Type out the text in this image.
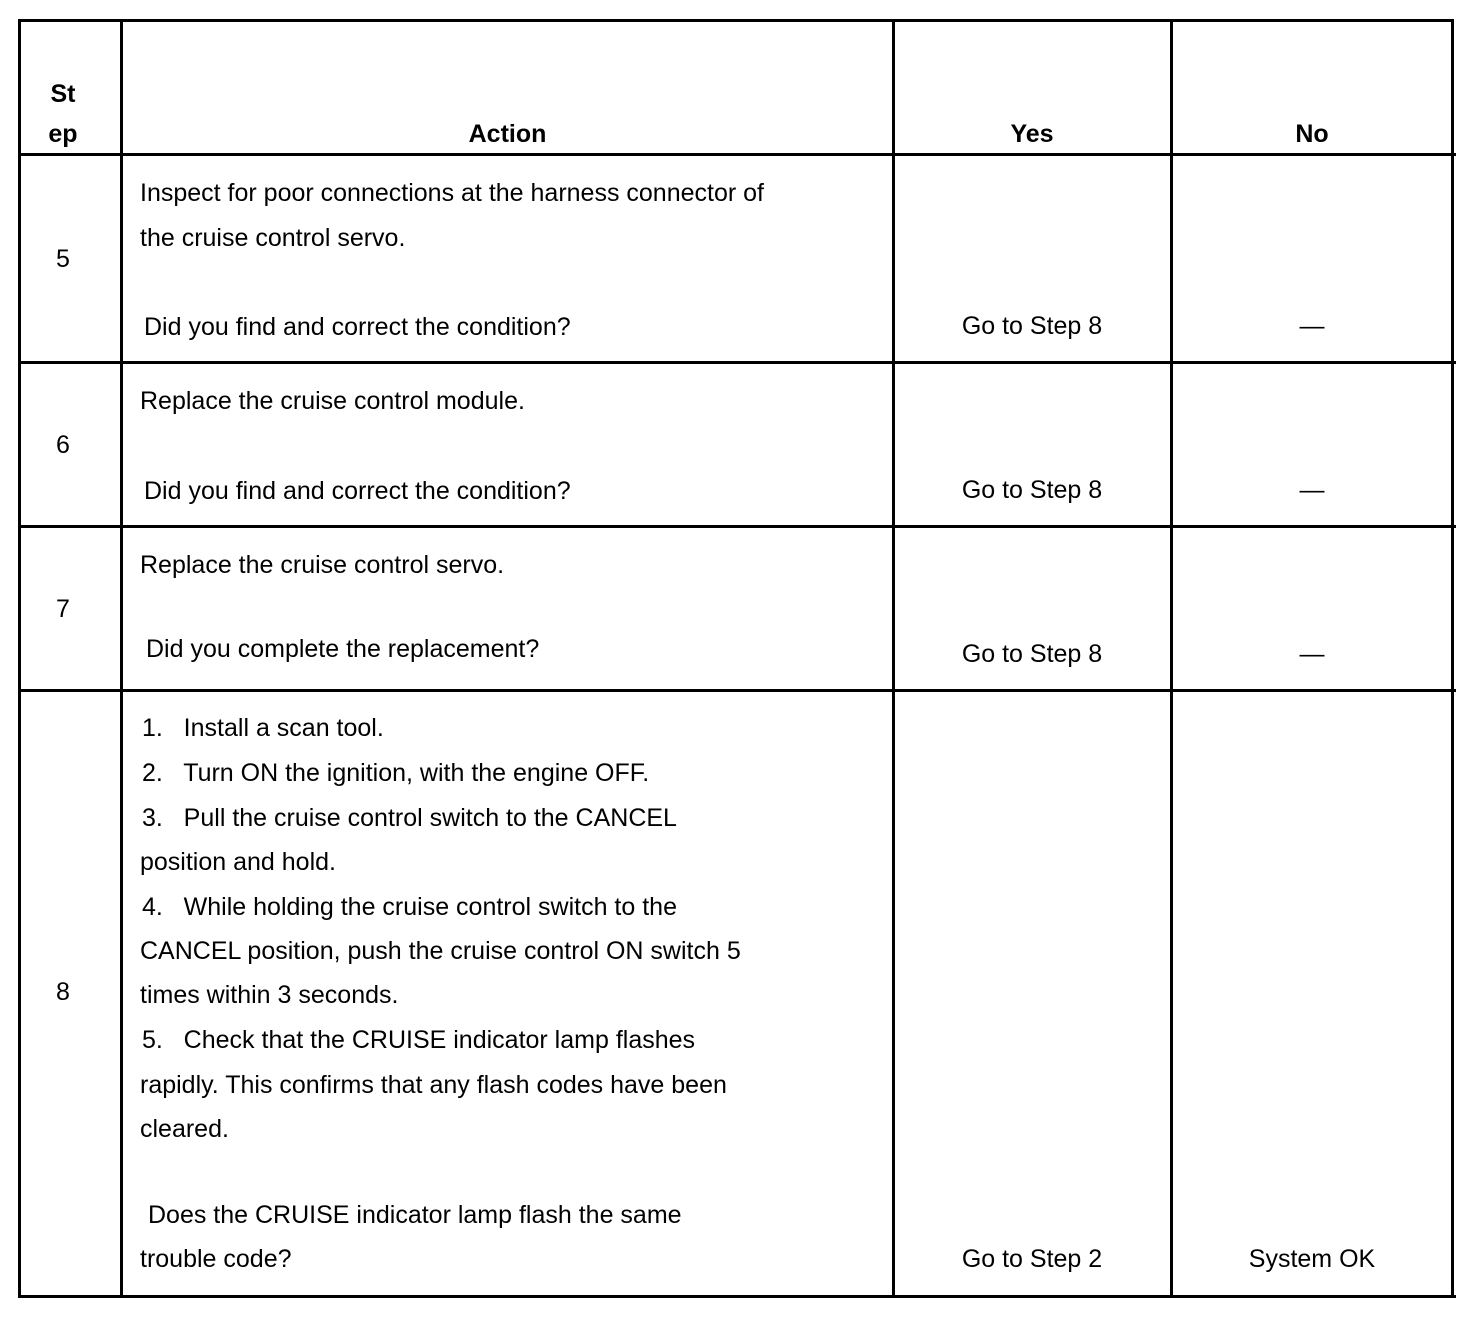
St
ep	Action	Yes	No
5
Inspect for poor connections at the harness connector of
the cruise control servo.
Did you find and correct the condition?	Go to Step 8	—
6
Replace the cruise control module.
Did you find and correct the condition?	Go to Step 8	—
7
Replace the cruise control servo.
Did you complete the replacement?	Go to Step 8	—
8
1.   Install a scan tool.
2.   Turn ON the ignition, with the engine OFF.
3.   Pull the cruise control switch to the CANCEL
position and hold.
4.   While holding the cruise control switch to the
CANCEL position, push the cruise control ON switch 5
times within 3 seconds.
5.   Check that the CRUISE indicator lamp flashes
rapidly. This confirms that any flash codes have been
cleared.
Does the CRUISE indicator lamp flash the same
trouble code?	Go to Step 2	System OK
